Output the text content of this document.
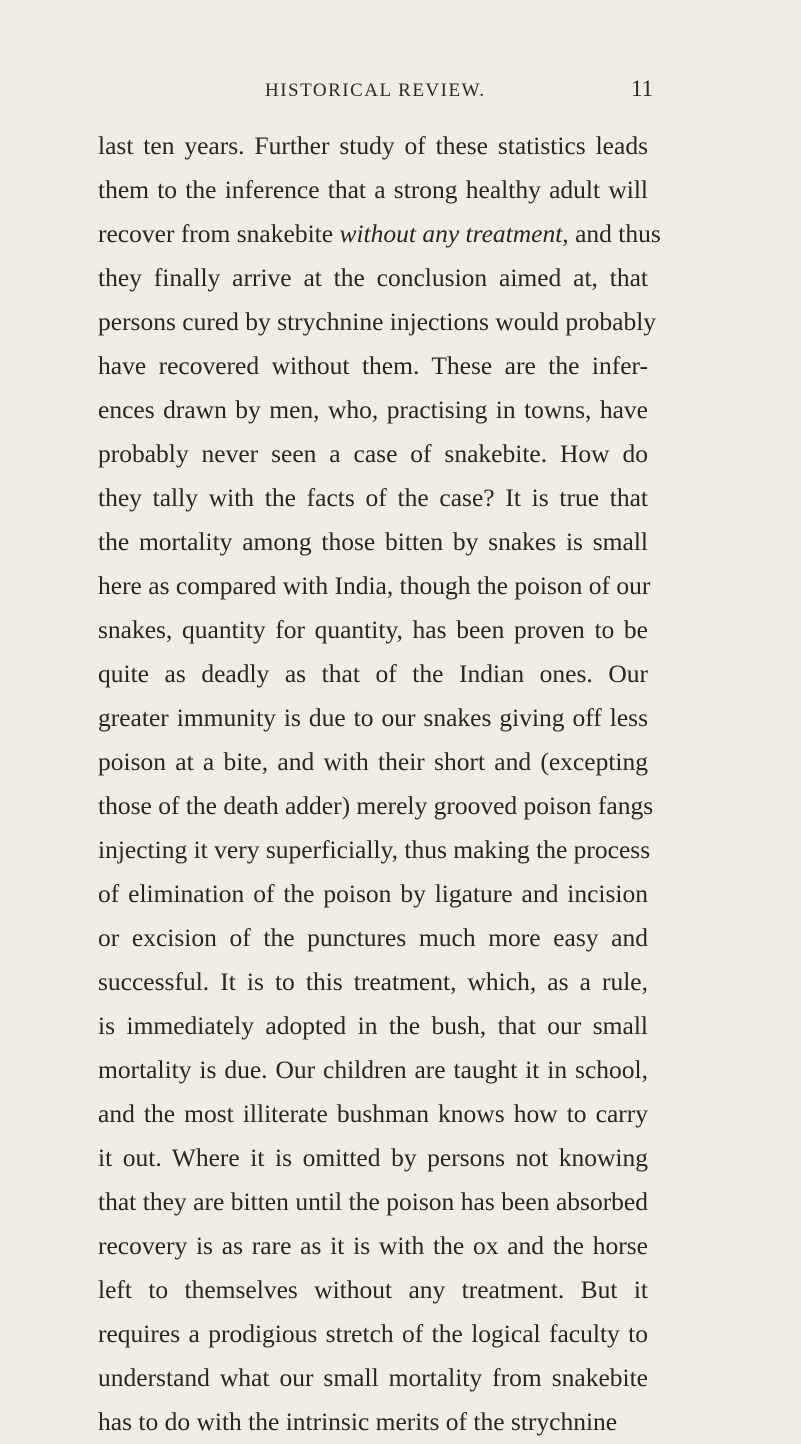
HISTORICAL REVIEW.	11
last ten years. Further study of these statistics leads
them to the inference that a strong healthy adult will
recover from snakebite without any treatment, and thus
they finally arrive at the conclusion aimed at, that
persons cured by strychnine injections would probably
have recovered without them. These are the infer-
ences drawn by men, who, practising in towns, have
probably never seen a case of snakebite. How do
they tally with the facts of the case? It is true that
the mortality among those bitten by snakes is small
here as compared with India, though the poison of our
snakes, quantity for quantity, has been proven to be
quite as deadly as that of the Indian ones. Our
greater immunity is due to our snakes giving off less
poison at a bite, and with their short and (excepting
those of the death adder) merely grooved poison fangs
injecting it very superficially, thus making the process
of elimination of the poison by ligature and incision
or excision of the punctures much more easy and
successful. It is to this treatment, which, as a rule,
is immediately adopted in the bush, that our small
mortality is due. Our children are taught it in school,
and the most illiterate bushman knows how to carry
it out. Where it is omitted by persons not knowing
that they are bitten until the poison has been absorbed
recovery is as rare as it is with the ox and the horse
left to themselves without any treatment. But it
requires a prodigious stretch of the logical faculty to
understand what our small mortality from snakebite
has to do with the intrinsic merits of the strychnine
